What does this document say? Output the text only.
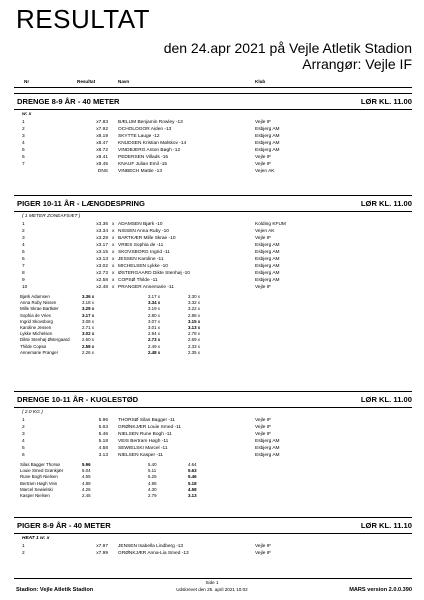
RESULTAT
den 24.apr 2021 på Vejle Atletik Stadion
Arrangør: Vejle IF
Nr	Resultat	Navn	Klub
DRENGE 8-9 ÅR - 40 METER	LØR KL. 11.00
w: x
1	x7.83 BÆLUM Benjamin Rowley -13	Vejle IF
2	x7.92 OCHOLOGOR Aiden -13	Esbjerg AM
3	x8.19 SKYTTE Lauge -12	Esbjerg AM
4	x8.47 KNUDSEN Kristian Mølskov -14	Esbjerg AM
5	x8.72 VINDBJERG Anton Bøgh -12	Esbjerg AM
6	x9.41 PEDERSEN Villads -15	Vejle IF
7	x9.45 KNAUF Julian Emil -15	Vejle IF
DNS VINBECH Mattie -13	Vejen AK
PIGER 10-11 ÅR - LÆNGDESPRING	LØR KL. 11.00
( 1 METER ZONEAFSÆT )
1	x3.36 x ADAMSEN Bjørk -10	Kolding KFUM
2	x3.34 x NISSEN Anna Ruby -10	Vejen AK
3	x3.29 x BARTKÆR Mille Skrae -10	Vejle IF
4	x3.17 x VRIES Sophia de -11	Esbjerg AM
5	x3.15 x SKOVSBORG Ingrid -11	Esbjerg AM
6	x3.13 x JESSEN Karoline -11	Esbjerg AM
7	x3.02 x MICHELSEN Lykke -10	Esbjerg AM
8	x2.73 x ØSTERGAARD Dikte Stenhøj -10	Esbjerg AM
9	x2.58 x COPSØ Thilde -11	Esbjerg AM
10	x2.48 x PRANGER Annemarie -11	Vejle IF
Bjørk Adamsen	3.36 x	3.17 x	3.30 x
Anna Ruby Nissen	3.18 x	3.34 x	3.32 x
Mille Skrae Bartkær	3.29 x	3.19 x	3.22 x
Sophia de Vries	3.17 x	2.80 x	2.88 x
Ingrid Skovsborg	3.08 x	3.07 x	3.15 x
Karoline Jessen	2.71 x	3.01 x	3.13 x
Lykke Michelsen	3.02 x	2.94 x	2.78 x
Dikte Stenhøj Østergaard	2.60 x	2.73 x	2.69 x
Thilde Copsø	2.58 x	2.49 x	2.33 x
Annemarie Pranger	2.26 x	2.48 x	2.35 x
DRENGE 10-11 ÅR - KUGLESTØD	LØR KL. 11.00
( 2.0 KG )
1	5.96 THORSØ Silas Bagger -11	Vejle IF
2	5.63 GRØNKJÆR Louie Smed -11	Vejle IF
3	5.46 NIELSEN Rune Bogh -11	Vejle IF
4	5.18 VEIS Bertram Høgh -11	Esbjerg AM
5	4.58 SEWIELSKI Marcel -11	Esbjerg AM
6	3.13 NIELSEN Kasper -11	Esbjerg AM
Silas Bagger Thorsø	5.96	5.40	4.64
Louie Smed Grønkjær	5.04	5.11	5.63
Rune Bogh Nielsen	4.55	5.25	5.46
Bertram Høgh Veis	4.89	4.95	5.18
Marcel Sewielski	4.26	4.30	4.58
Kasper Nielsen	2.45	2.79	3.13
PIGER 8-9 ÅR - 40 METER	LØR KL. 11.10
HEAT 1 w: x
1	x7.97 JENSEN Isabella Lindberg -13	Vejle IF
2	x7.99 GRØNKJÆR Anna-Lia Smed -13	Vejle IF
Side 1
Udskrevet den 25. april 2021 10:02
Stadion: Vejle Atletik Stadion	MARS version 2.0.0.390
